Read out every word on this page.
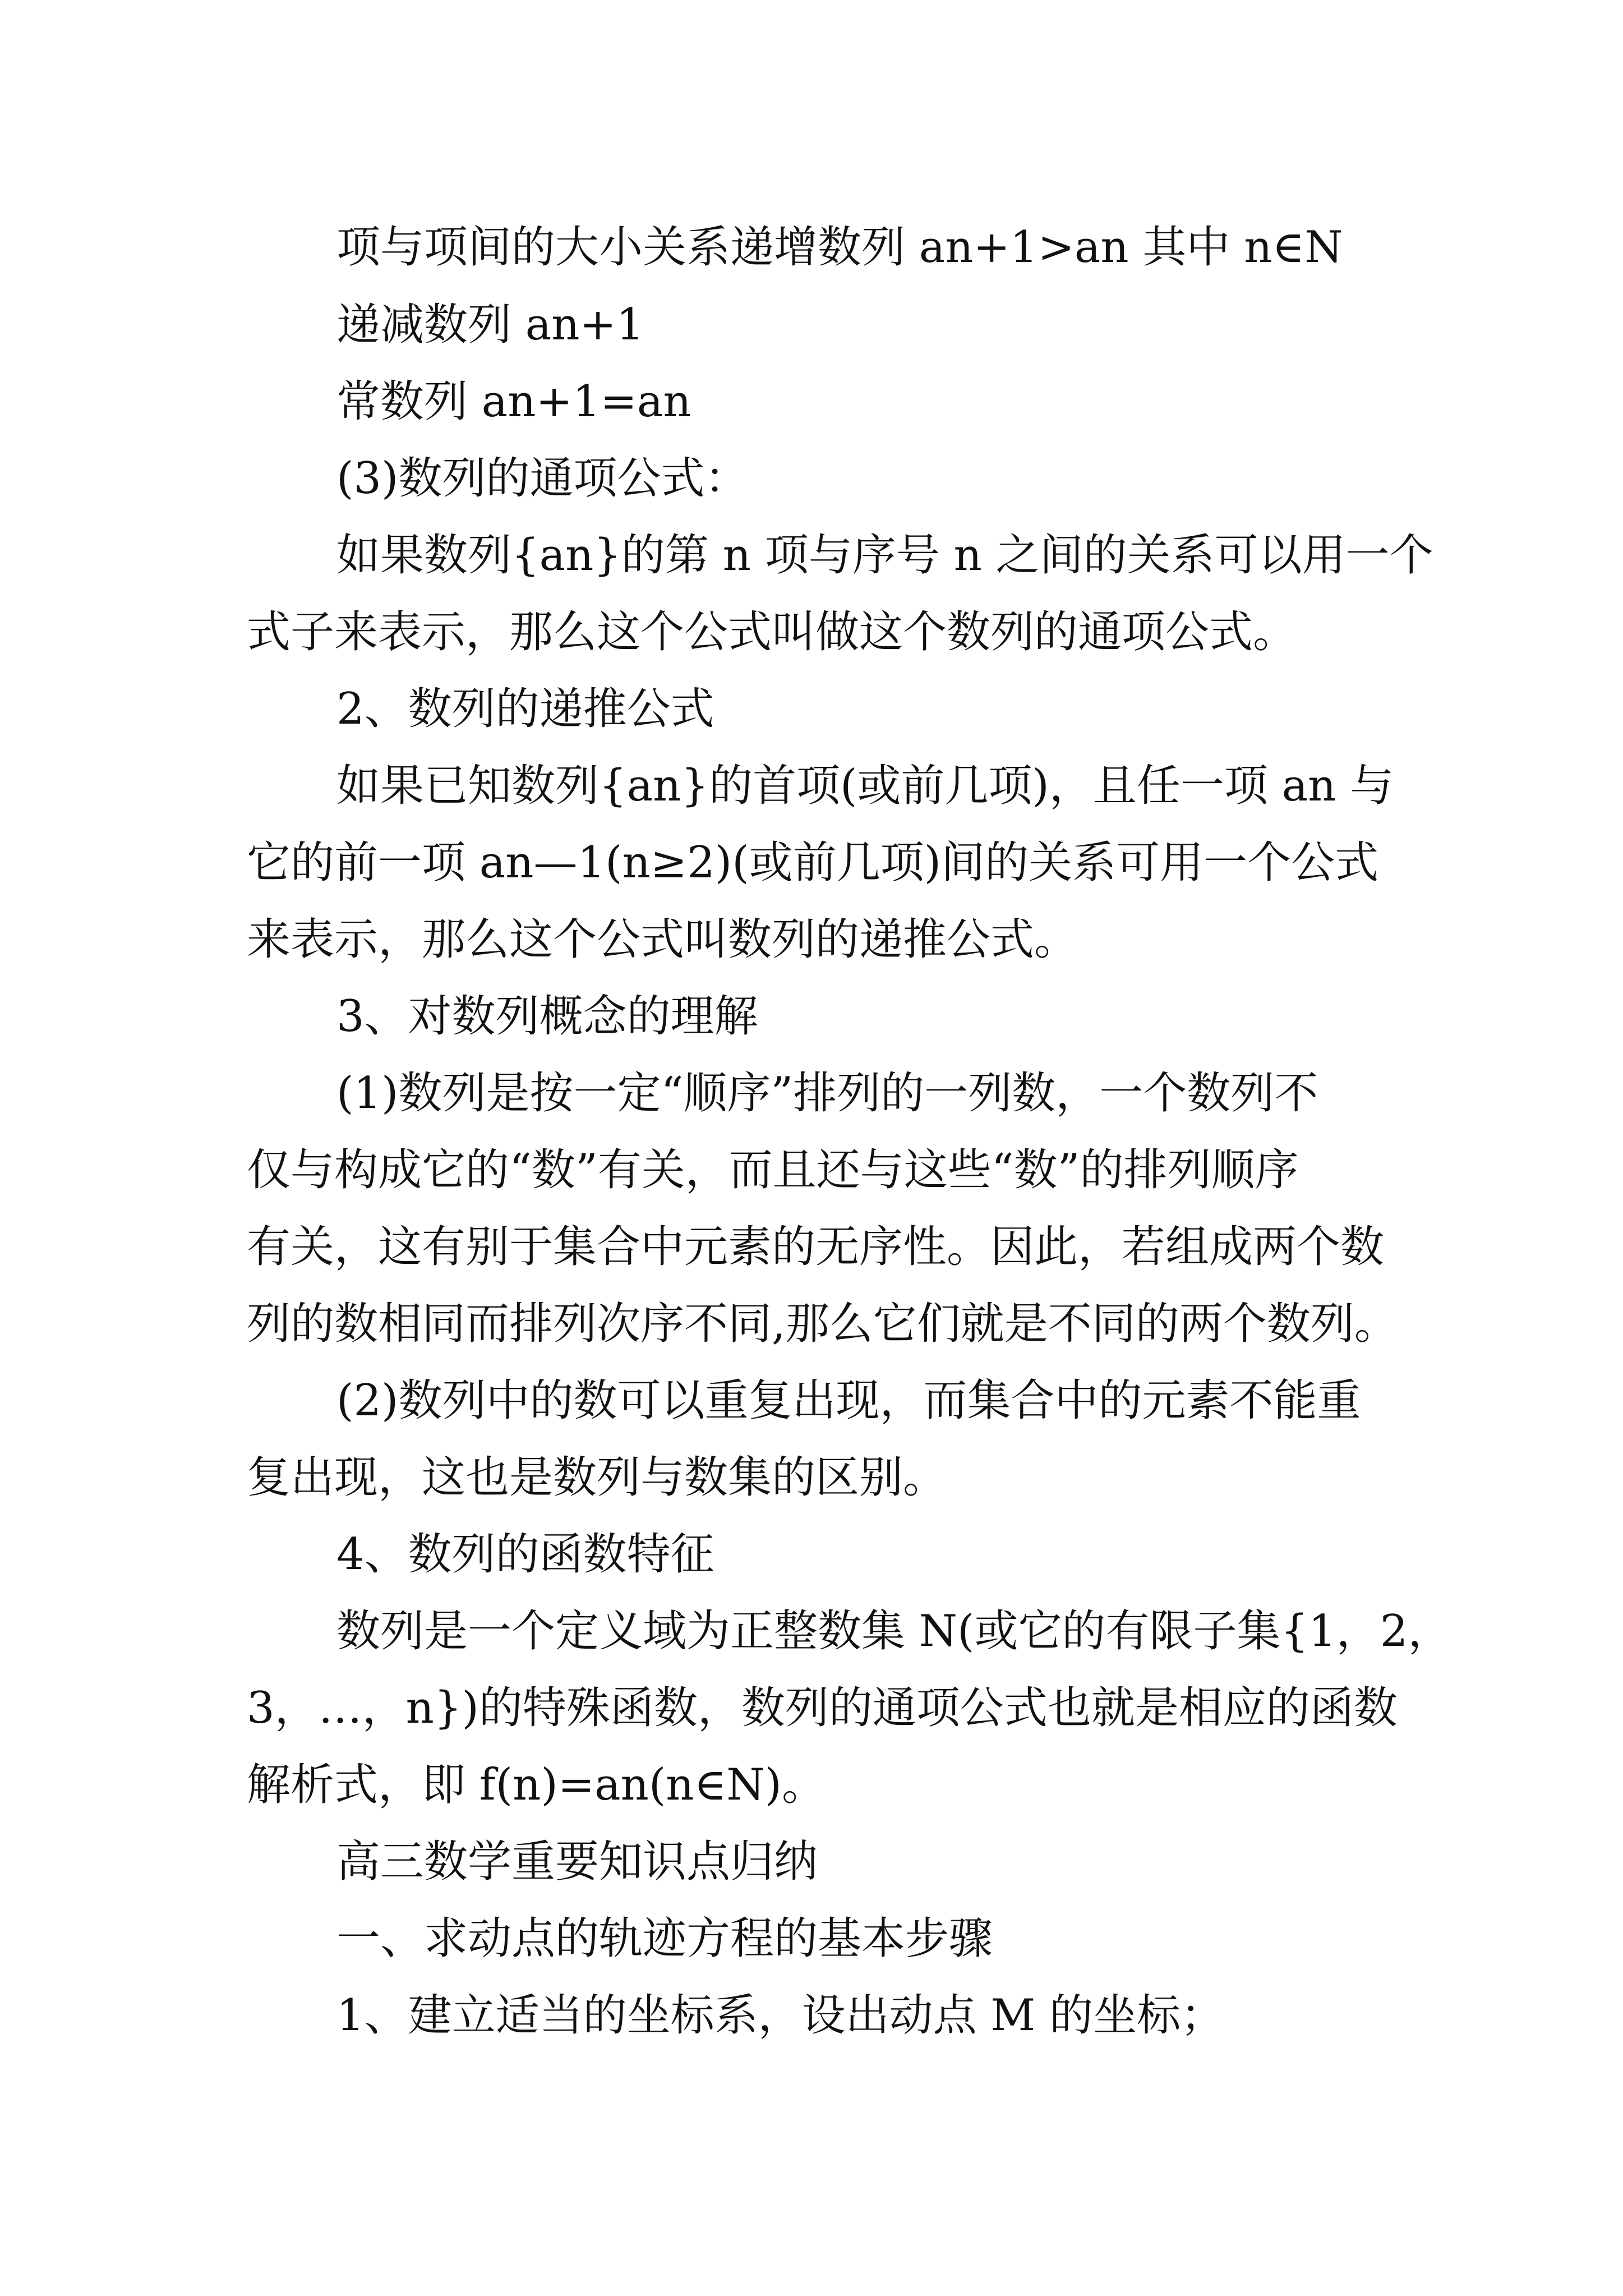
项与项间的大小关系递增数列 an+1>an 其中 n∈N

递减数列 an+1

常数列 an+1=an

(3)数列的通项公式：

如果数列{an}的第 n 项与序号 n 之间的关系可以用一个

式子来表示，那么这个公式叫做这个数列的通项公式。

2、数列的递推公式

如果已知数列{an}的首项(或前几项)，且任一项 an 与

它的前一项 an—1(n≥2)(或前几项)间的关系可用一个公式

来表示，那么这个公式叫数列的递推公式。

3、对数列概念的理解

(1)数列是按一定“顺序”排列的一列数，一个数列不

仅与构成它的“数”有关，而且还与这些“数”的排列顺序

有关，这有别于集合中元素的无序性。因此，若组成两个数

列的数相同而排列次序不同,那么它们就是不同的两个数列。

(2)数列中的数可以重复出现，而集合中的元素不能重

复出现，这也是数列与数集的区别。

4、数列的函数特征

数列是一个定义域为正整数集 N(或它的有限子集{1，2，

3，…，n})的特殊函数，数列的通项公式也就是相应的函数

解析式，即 f(n)=an(n∈N)。

高三数学重要知识点归纳

一、求动点的轨迹方程的基本步骤

1、建立适当的坐标系，设出动点 M 的坐标；
